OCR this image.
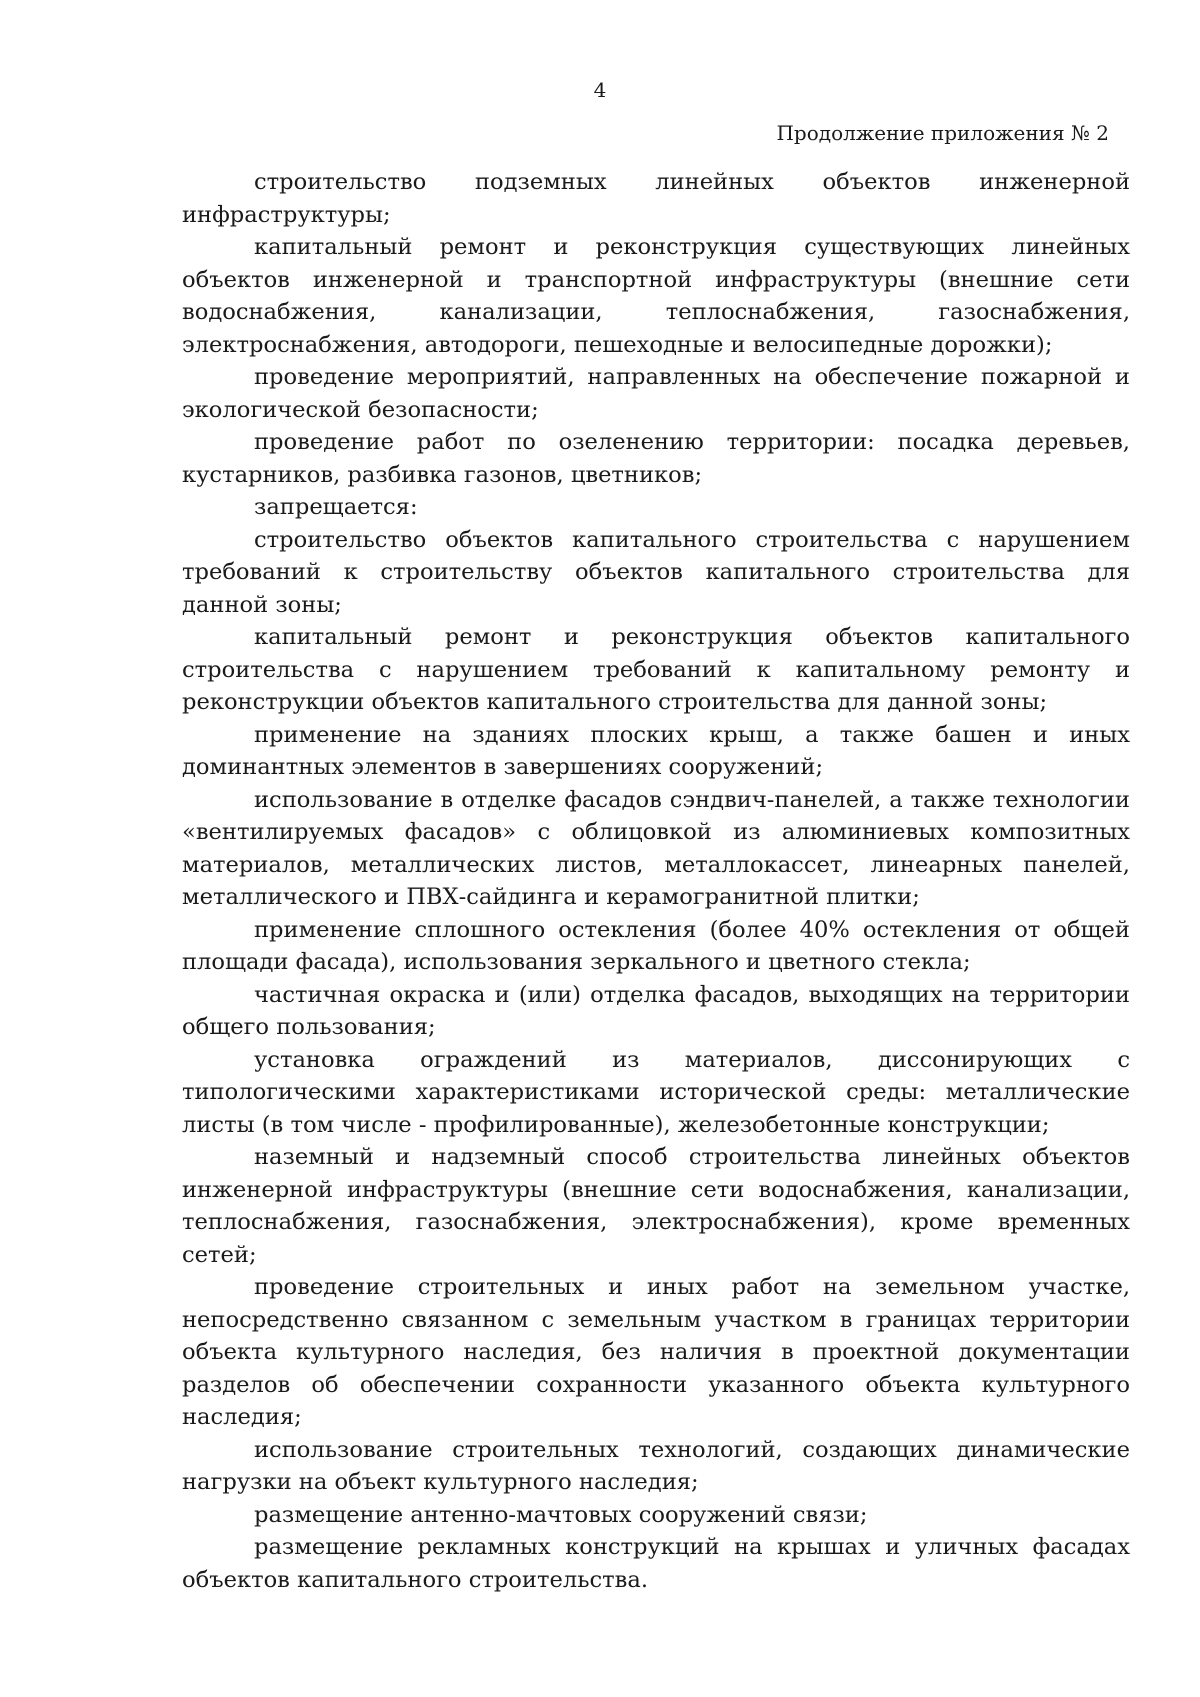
4
Продолжение приложения № 2

строительство подземных линейных объектов инженерной инфраструктуры;

капитальный ремонт и реконструкция существующих линейных объектов инженерной и транспортной инфраструктуры (внешние сети водоснабжения, канализации, теплоснабжения, газоснабжения, электроснабжения, автодороги, пешеходные и велосипедные дорожки);

проведение мероприятий, направленных на обеспечение пожарной и экологической безопасности;

проведение работ по озеленению территории: посадка деревьев, кустарников, разбивка газонов, цветников;

запрещается:

строительство объектов капитального строительства с нарушением требований к строительству объектов капитального строительства для данной зоны;

капитальный ремонт и реконструкция объектов капитального строительства с нарушением требований к капитальному ремонту и реконструкции объектов капитального строительства для данной зоны;

применение на зданиях плоских крыш, а также башен и иных доминантных элементов в завершениях сооружений;

использование в отделке фасадов сэндвич-панелей, а также технологии «вентилируемых фасадов» с облицовкой из алюминиевых композитных материалов, металлических листов, металлокассет, линеарных панелей, металлического и ПВХ-сайдинга и керамогранитной плитки;

применение сплошного остекления (более 40% остекления от общей площади фасада), использования зеркального и цветного стекла;

частичная окраска и (или) отделка фасадов, выходящих на территории общего пользования;

установка ограждений из материалов, диссонирующих с типологическими характеристиками исторической среды: металлические листы (в том числе - профилированные), железобетонные конструкции;

наземный и надземный способ строительства линейных объектов инженерной инфраструктуры (внешние сети водоснабжения, канализации, теплоснабжения, газоснабжения, электроснабжения), кроме временных сетей;

проведение строительных и иных работ на земельном участке, непосредственно связанном с земельным участком в границах территории объекта культурного наследия, без наличия в проектной документации разделов об обеспечении сохранности указанного объекта культурного наследия;

использование строительных технологий, создающих динамические нагрузки на объект культурного наследия;

размещение антенно-мачтовых сооружений связи;

размещение рекламных конструкций на крышах и уличных фасадах объектов капитального строительства.
